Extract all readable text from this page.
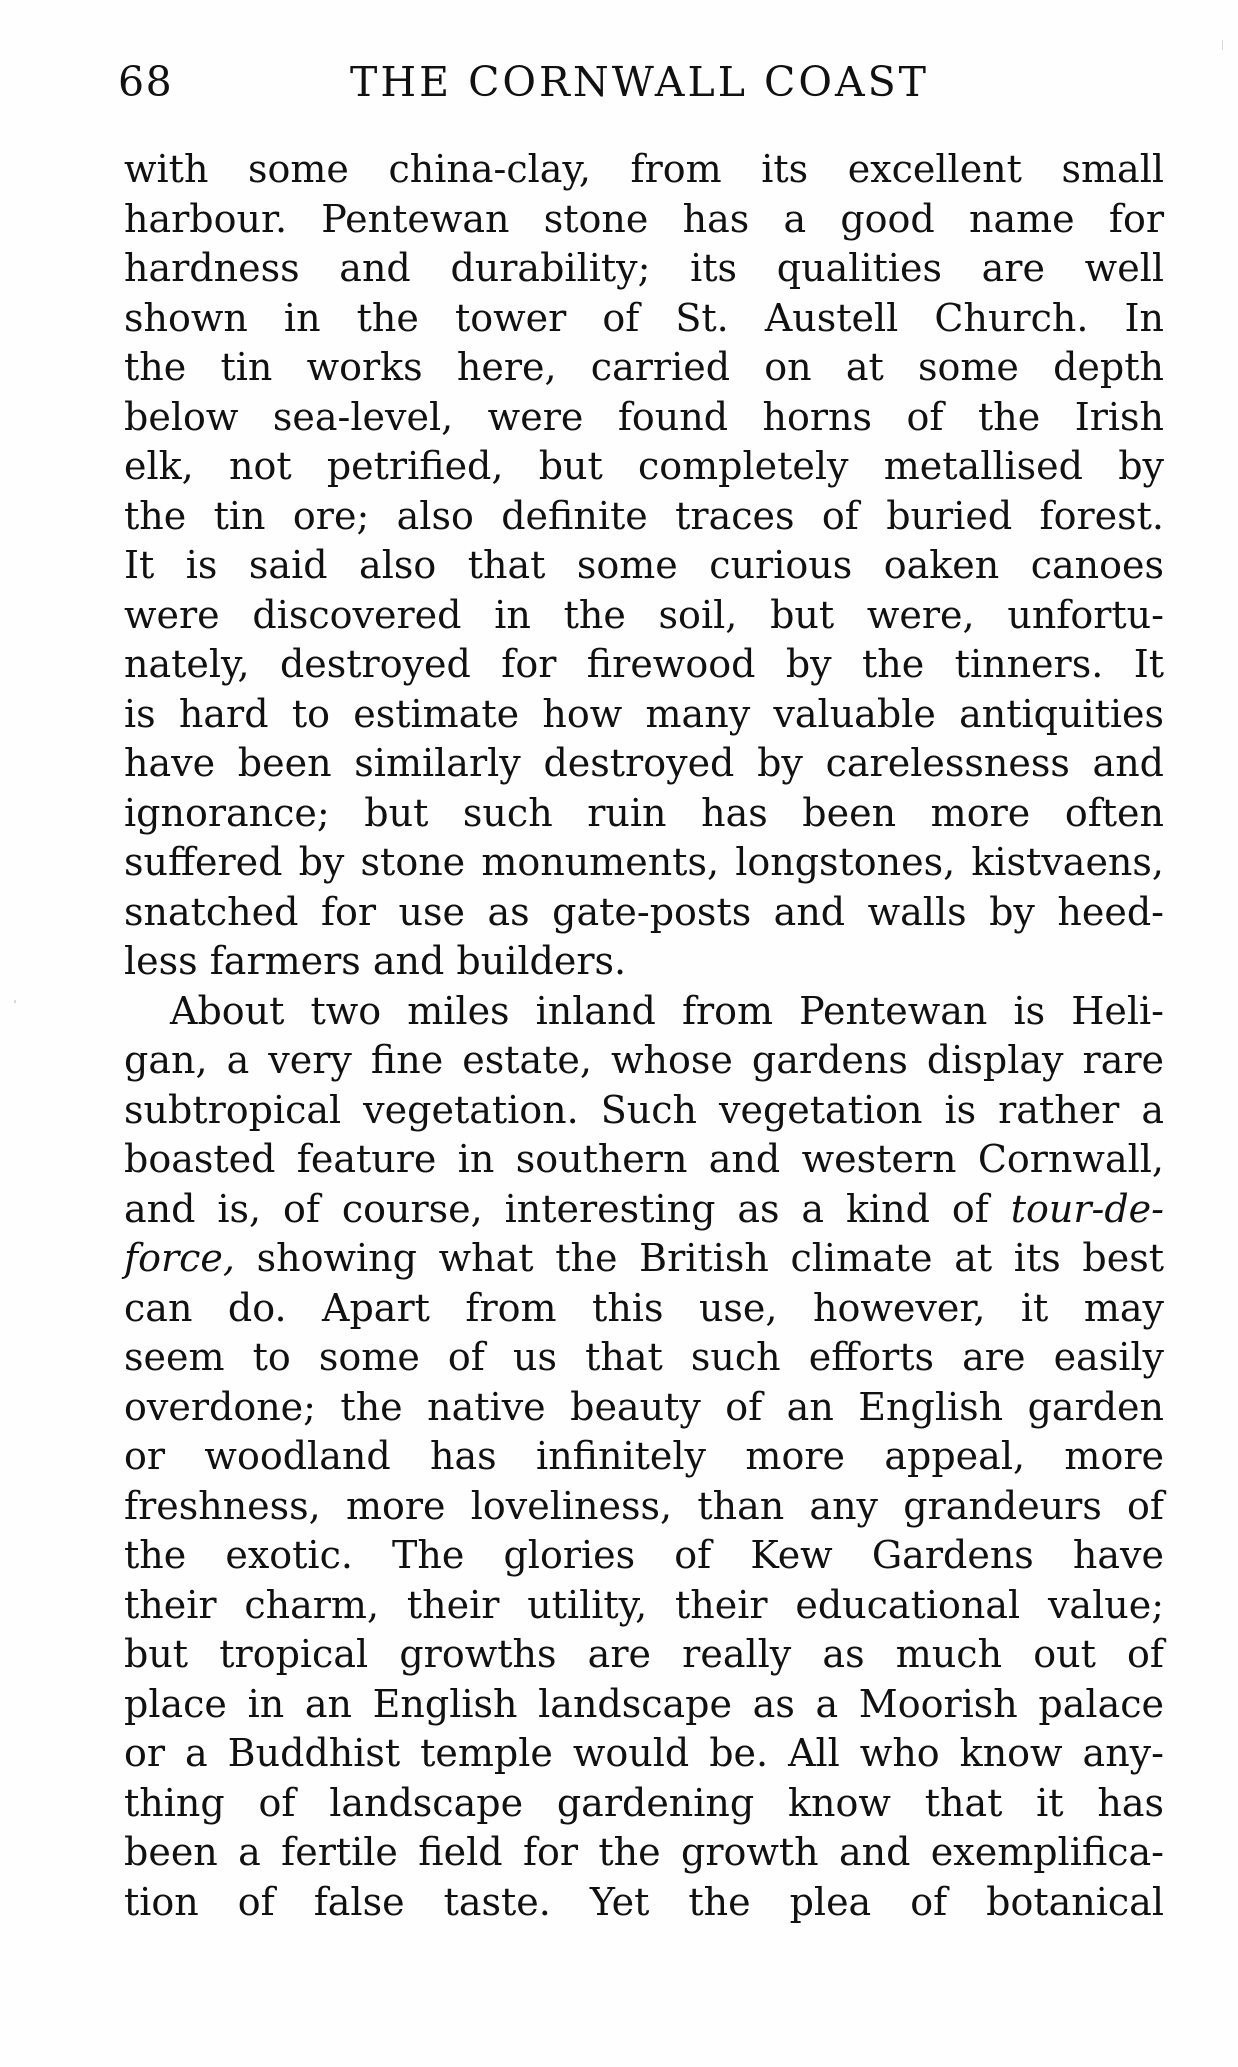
68	THE CORNWALL COAST
with some china-clay, from its excellent small
harbour. Pentewan stone has a good name for
hardness and durability; its qualities are well
shown in the tower of St. Austell Church. In
the tin works here, carried on at some depth
below sea-level, were found horns of the Irish
elk, not petrified, but completely metallised by
the tin ore; also definite traces of buried forest.
It is said also that some curious oaken canoes
were discovered in the soil, but were, unfortu-
nately, destroyed for firewood by the tinners. It
is hard to estimate how many valuable antiquities
have been similarly destroyed by carelessness and
ignorance; but such ruin has been more often
suffered by stone monuments, longstones, kistvaens,
snatched for use as gate-posts and walls by heed-
less farmers and builders.
About two miles inland from Pentewan is Heli-
gan, a very fine estate, whose gardens display rare
subtropical vegetation. Such vegetation is rather a
boasted feature in southern and western Cornwall,
and is, of course, interesting as a kind of tour-de-
force, showing what the British climate at its best
can do. Apart from this use, however, it may
seem to some of us that such efforts are easily
overdone; the native beauty of an English garden
or woodland has infinitely more appeal, more
freshness, more loveliness, than any grandeurs of
the exotic. The glories of Kew Gardens have
their charm, their utility, their educational value;
but tropical growths are really as much out of
place in an English landscape as a Moorish palace
or a Buddhist temple would be. All who know any-
thing of landscape gardening know that it has
been a fertile field for the growth and exemplifica-
tion of false taste. Yet the plea of botanical
